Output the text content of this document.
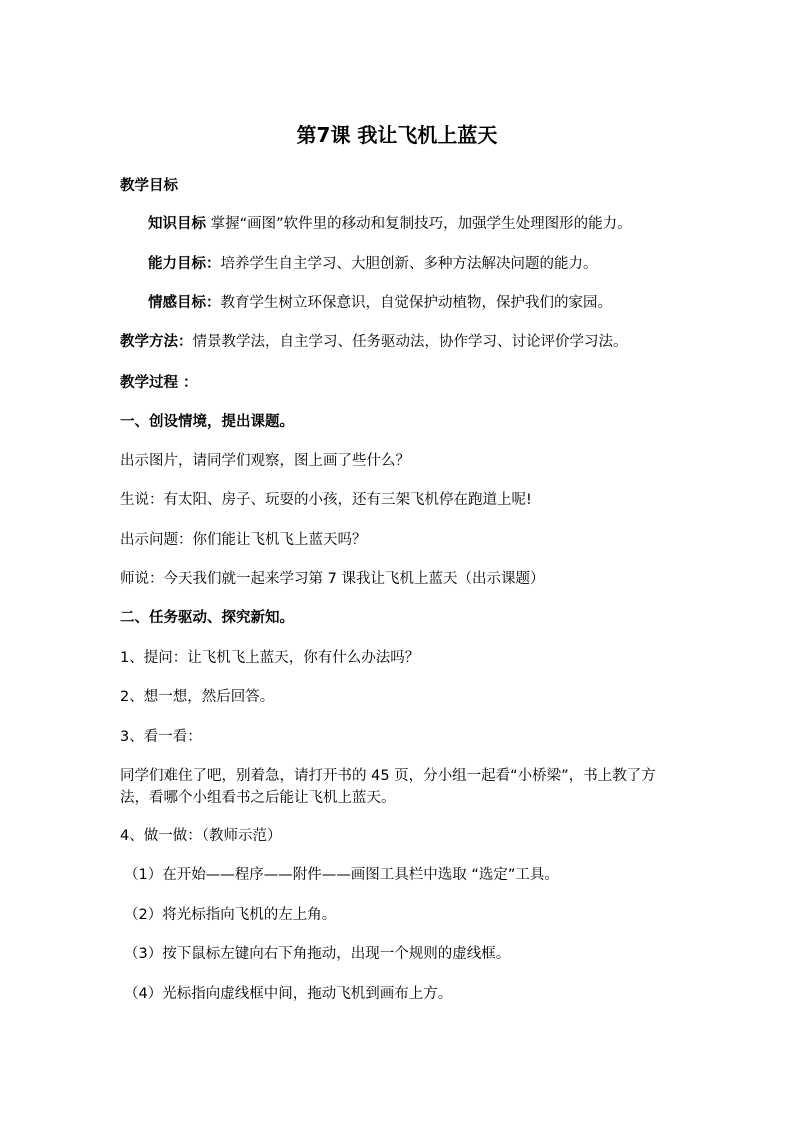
第7课 我让飞机上蓝天
教学目标
知识目标 掌握“画图”软件里的移动和复制技巧，加强学生处理图形的能力。
能力目标：培养学生自主学习、大胆创新、多种方法解决问题的能力。
情感目标：教育学生树立环保意识，自觉保护动植物，保护我们的家园。
教学方法：情景教学法，自主学习、任务驱动法，协作学习、讨论评价学习法。
教学过程 ：
一、创设情境，提出课题。
出示图片，请同学们观察，图上画了些什么？
生说：有太阳、房子、玩耍的小孩，还有三架飞机停在跑道上呢!
出示问题：你们能让飞机飞上蓝天吗？
师说：今天我们就一起来学习第 7 课我让飞机上蓝天（出示课题）
二、任务驱动、探究新知。
1、提问：让飞机飞上蓝天，你有什么办法吗？
2、想一想，然后回答。
3、看一看：
同学们难住了吧，别着急，请打开书的 45 页，分小组一起看“小桥梁”，书上教了方法，看哪个小组看书之后能让飞机上蓝天。
4、做一做：（教师示范）
（1）在开始——程序——附件——画图工具栏中选取 “选定”工具。
（2）将光标指向飞机的左上角。
（3）按下鼠标左键向右下角拖动，出现一个规则的虚线框。
（4）光标指向虚线框中间，拖动飞机到画布上方。
